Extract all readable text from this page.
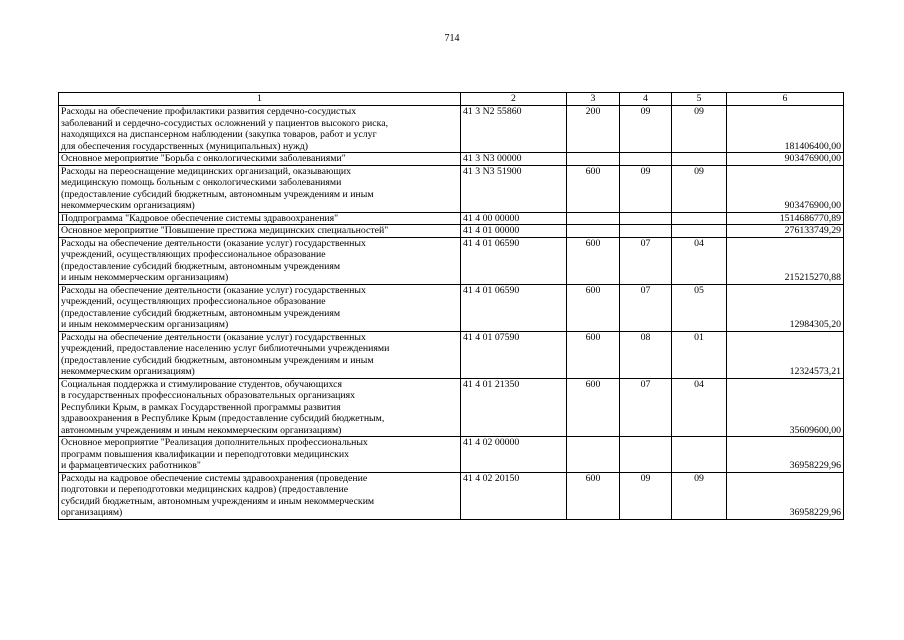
714
1	2	3	4	5	6
Расходы на обеспечение профилактики развития сердечно-сосудистых
заболеваний и сердечно-сосудистых осложнений у пациентов высокого риска,
находящихся на диспансерном наблюдении (закупка товаров, работ и услуг
для обеспечения государственных (муниципальных) нужд)	41 3 N2 55860	200	09	09	181406400,00
Основное мероприятие "Борьба с онкологическими заболеваниями"	41 3 N3 00000				903476900,00
Расходы на переоснащение медицинских организаций, оказывающих
медицинскую помощь больным с онкологическими заболеваниями
(предоставление субсидий бюджетным, автономным учреждениям и иным
некоммерческим организациям)	41 3 N3 51900	600	09	09	903476900,00
Подпрограмма "Кадровое обеспечение системы здравоохранения"	41 4 00 00000				1514686770,89
Основное мероприятие "Повышение престижа медицинских специальностей"	41 4 01 00000				276133749,29
Расходы на обеспечение деятельности (оказание услуг) государственных
учреждений, осуществляющих профессиональное образование
(предоставление субсидий бюджетным, автономным учреждениям
и иным некоммерческим организациям)	41 4 01 06590	600	07	04	215215270,88
Расходы на обеспечение деятельности (оказание услуг) государственных
учреждений, осуществляющих профессиональное образование
(предоставление субсидий бюджетным, автономным учреждениям
и иным некоммерческим организациям)	41 4 01 06590	600	07	05	12984305,20
Расходы на обеспечение деятельности (оказание услуг) государственных
учреждений, предоставление населению услуг библиотечными учреждениями
(предоставление субсидий бюджетным, автономным учреждениям и иным
некоммерческим организациям)	41 4 01 07590	600	08	01	12324573,21
Социальная поддержка и стимулирование студентов, обучающихся
в государственных профессиональных образовательных организациях
Республики Крым, в рамках Государственной программы развития
здравоохранения в Республике Крым (предоставление субсидий бюджетным,
автономным учреждениям и иным некоммерческим организациям)	41 4 01 21350	600	07	04	35609600,00
Основное мероприятие "Реализация дополнительных профессиональных
программ повышения квалификации и переподготовки медицинских
и фармацевтических работников"	41 4 02 00000				36958229,96
Расходы на кадровое обеспечение системы здравоохранения (проведение
подготовки и переподготовки медицинских кадров) (предоставление
субсидий бюджетным, автономным учреждениям и иным некоммерческим
организациям)	41 4 02 20150	600	09	09	36958229,96
